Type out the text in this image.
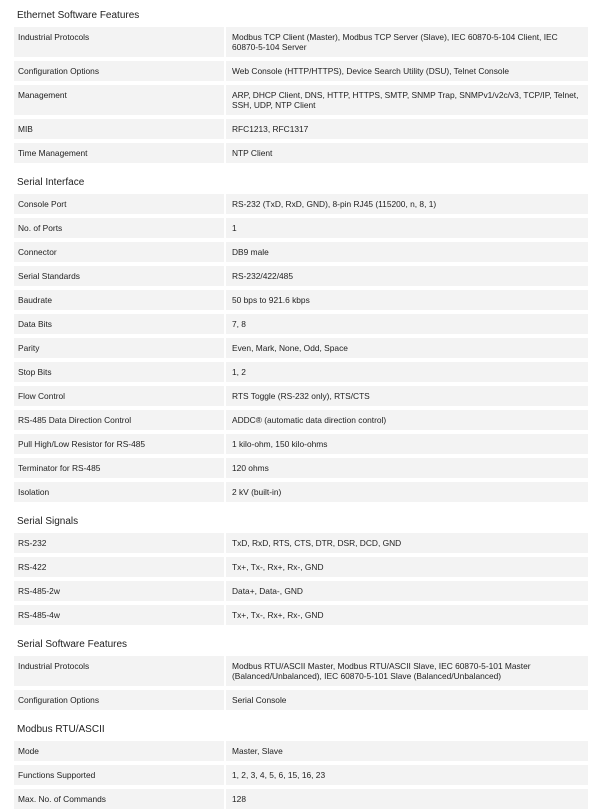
Ethernet Software Features
Industrial Protocols	Modbus TCP Client (Master), Modbus TCP Server (Slave), IEC 60870-5-104 Client, IEC 60870-5-104 Server
Configuration Options	Web Console (HTTP/HTTPS), Device Search Utility (DSU), Telnet Console
Management	ARP, DHCP Client, DNS, HTTP, HTTPS, SMTP, SNMP Trap, SNMPv1/v2c/v3, TCP/IP, Telnet, SSH, UDP, NTP Client
MIB	RFC1213, RFC1317
Time Management	NTP Client
Serial Interface
Console Port	RS-232 (TxD, RxD, GND), 8-pin RJ45 (115200, n, 8, 1)
No. of Ports	1
Connector	DB9 male
Serial Standards	RS-232/422/485
Baudrate	50 bps to 921.6 kbps
Data Bits	7, 8
Parity	Even, Mark, None, Odd, Space
Stop Bits	1, 2
Flow Control	RTS Toggle (RS-232 only), RTS/CTS
RS-485 Data Direction Control	ADDC® (automatic data direction control)
Pull High/Low Resistor for RS-485	1 kilo-ohm, 150 kilo-ohms
Terminator for RS-485	120 ohms
Isolation	2 kV (built-in)
Serial Signals
RS-232	TxD, RxD, RTS, CTS, DTR, DSR, DCD, GND
RS-422	Tx+, Tx-, Rx+, Rx-, GND
RS-485-2w	Data+, Data-, GND
RS-485-4w	Tx+, Tx-, Rx+, Rx-, GND
Serial Software Features
Industrial Protocols	Modbus RTU/ASCII Master, Modbus RTU/ASCII Slave, IEC 60870-5-101 Master (Balanced/Unbalanced), IEC 60870-5-101 Slave (Balanced/Unbalanced)
Configuration Options	Serial Console
Modbus RTU/ASCII
Mode	Master, Slave
Functions Supported	1, 2, 3, 4, 5, 6, 15, 16, 23
Max. No. of Commands	128
